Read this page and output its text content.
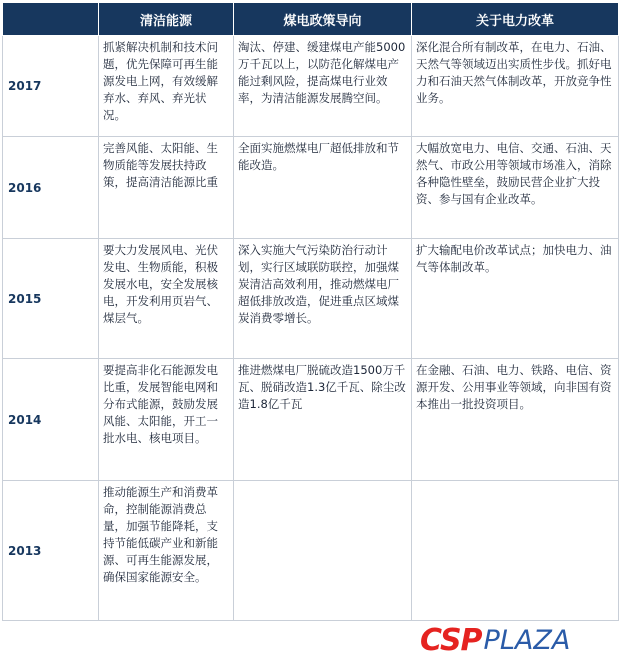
	清洁能源	煤电政策导向	关于电力改革
2017	抓紧解决机制和技术问题，优先保障可再生能源发电上网，有效缓解弃水、弃风、弃光状况。	淘汰、停建、缓建煤电产能5000万千瓦以上，以防范化解煤电产能过剩风险，提高煤电行业效率，为清洁能源发展腾空间。	深化混合所有制改革，在电力、石油、天然气等领域迈出实质性步伐。抓好电力和石油天然气体制改革，开放竞争性业务。
2016	完善风能、太阳能、生物质能等发展扶持政策，提高清洁能源比重	全面实施燃煤电厂超低排放和节能改造。	大幅放宽电力、电信、交通、石油、天然气、市政公用等领域市场准入，消除各种隐性壁垒，鼓励民营企业扩大投资、参与国有企业改革。
2015	要大力发展风电、光伏发电、生物质能，积极发展水电，安全发展核电，开发利用页岩气、煤层气。	深入实施大气污染防治行动计划，实行区域联防联控，加强煤炭清洁高效利用，推动燃煤电厂超低排放改造，促进重点区域煤炭消费零增长。	扩大输配电价改革试点；加快电力、油气等体制改革。
2014	要提高非化石能源发电比重，发展智能电网和分布式能源，鼓励发展风能、太阳能，开工一批水电、核电项目。	推进燃煤电厂脱硫改造1500万千瓦、脱硝改造1.3亿千瓦、除尘改造1.8亿千瓦	在金融、石油、电力、铁路、电信、资源开发、公用事业等领域，向非国有资本推出一批投资项目。
2013	推动能源生产和消费革命，控制能源消费总量，加强节能降耗，支持节能低碳产业和新能源、可再生能源发展，确保国家能源安全。		
CSP PLAZA
